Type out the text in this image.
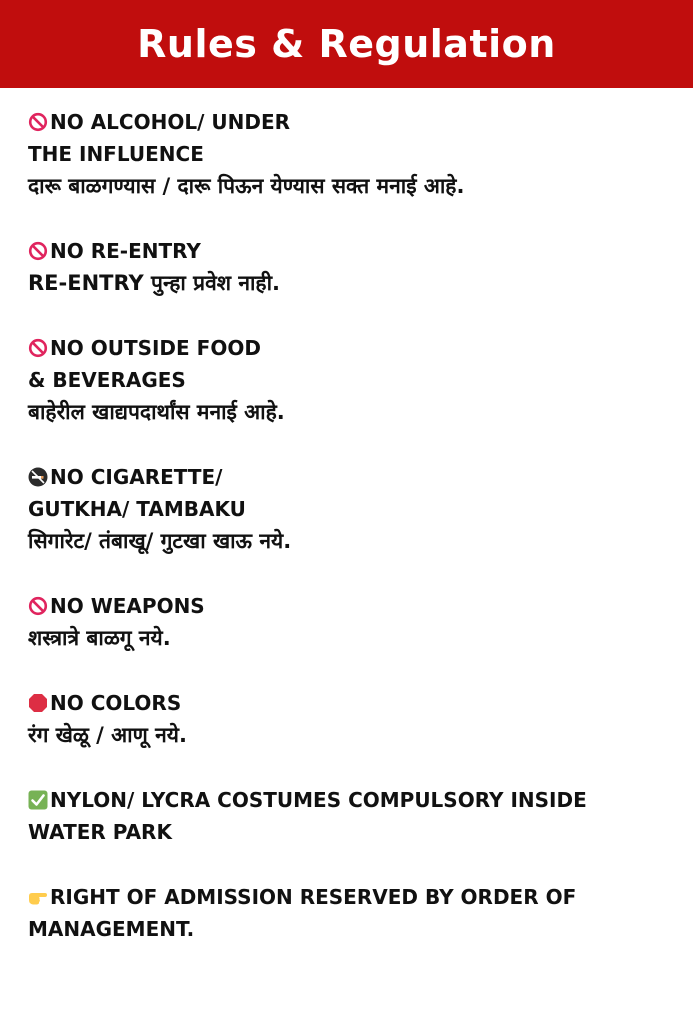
Rules & Regulation
NO ALCOHOL/ UNDER
THE INFLUENCE
दारू बाळगण्यास / दारू पिऊन येण्यास सक्त मनाई आहे.
NO RE-ENTRY
RE-ENTRY पुन्हा प्रवेश नाही.
NO OUTSIDE FOOD
& BEVERAGES
बाहेरील खाद्यपदार्थांस मनाई आहे.
NO CIGARETTE/
GUTKHA/ TAMBAKU
सिगारेट/ तंबाखू/ गुटखा खाऊ नये.
NO WEAPONS
शस्त्रात्रे बाळगू नये.
NO COLORS
रंग खेळू / आणू नये.
NYLON/ LYCRA COSTUMES COMPULSORY INSIDE
WATER PARK
RIGHT OF ADMISSION RESERVED BY ORDER OF
MANAGEMENT.
